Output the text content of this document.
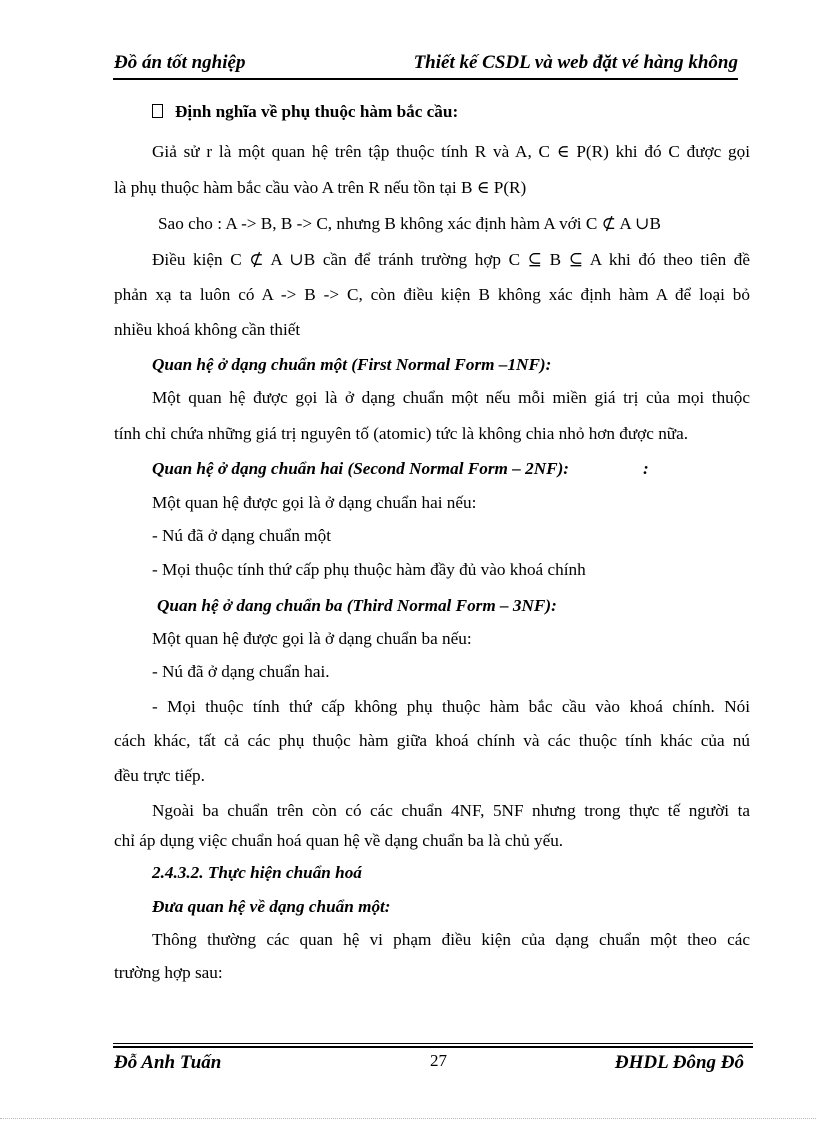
Đồ án tốt nghiệp	Thiết kế CSDL và web đặt vé hàng không
Định nghĩa về phụ thuộc hàm bắc cầu:
Giả sử r là một quan hệ trên tập thuộc tính R và A, C ∈ P(R) khi đó C được gọi
là phụ thuộc hàm bắc cầu vào A trên R nếu tồn tại B ∈ P(R)
Sao cho : A -> B, B -> C, nhưng B không xác định hàm A với C ⊄ A ∪B
Điều kiện C ⊄ A ∪B cần để tránh trường hợp C ⊆ B ⊆ A khi đó theo tiên đề
phản xạ ta luôn có A -> B -> C, còn điều kiện B không xác định hàm A để loại bỏ
nhiều khoá không cần thiết
Quan hệ ở dạng chuẩn một (First Normal Form –1NF):
Một quan hệ được gọi là ở dạng chuẩn một nếu mỗi miền giá trị của mọi thuộc
tính chỉ chứa những giá trị nguyên tố (atomic) tức là không chia nhỏ hơn được nữa.
Quan hệ ở dạng chuẩn hai (Second Normal Form – 2NF):	:
Một quan hệ được gọi là ở dạng chuẩn hai nếu:
- Nú đã ở dạng chuẩn một
- Mọi thuộc tính thứ cấp phụ thuộc hàm đầy đủ vào khoá chính
Quan hệ ở dang chuẩn ba (Third Normal Form – 3NF):
Một quan hệ được gọi là ở dạng chuẩn ba nếu:
- Nú đã ở dạng chuẩn hai.
- Mọi thuộc tính thứ cấp không phụ thuộc hàm bắc cầu vào khoá chính. Nói
cách khác, tất cả các phụ thuộc hàm giữa khoá chính và các thuộc tính khác của nú
đều trực tiếp.
Ngoài ba chuẩn trên còn có các chuẩn 4NF, 5NF nhưng trong thực tế người ta
chỉ áp dụng việc chuẩn hoá quan hệ về dạng chuẩn ba là chủ yếu.
2.4.3.2. Thực hiện chuẩn hoá
Đưa quan hệ về dạng chuẩn một:
Thông thường các quan hệ vi phạm điều kiện của dạng chuẩn một theo các
trường hợp sau:
Đỗ Anh Tuấn	27	ĐHDL Đông Đô
